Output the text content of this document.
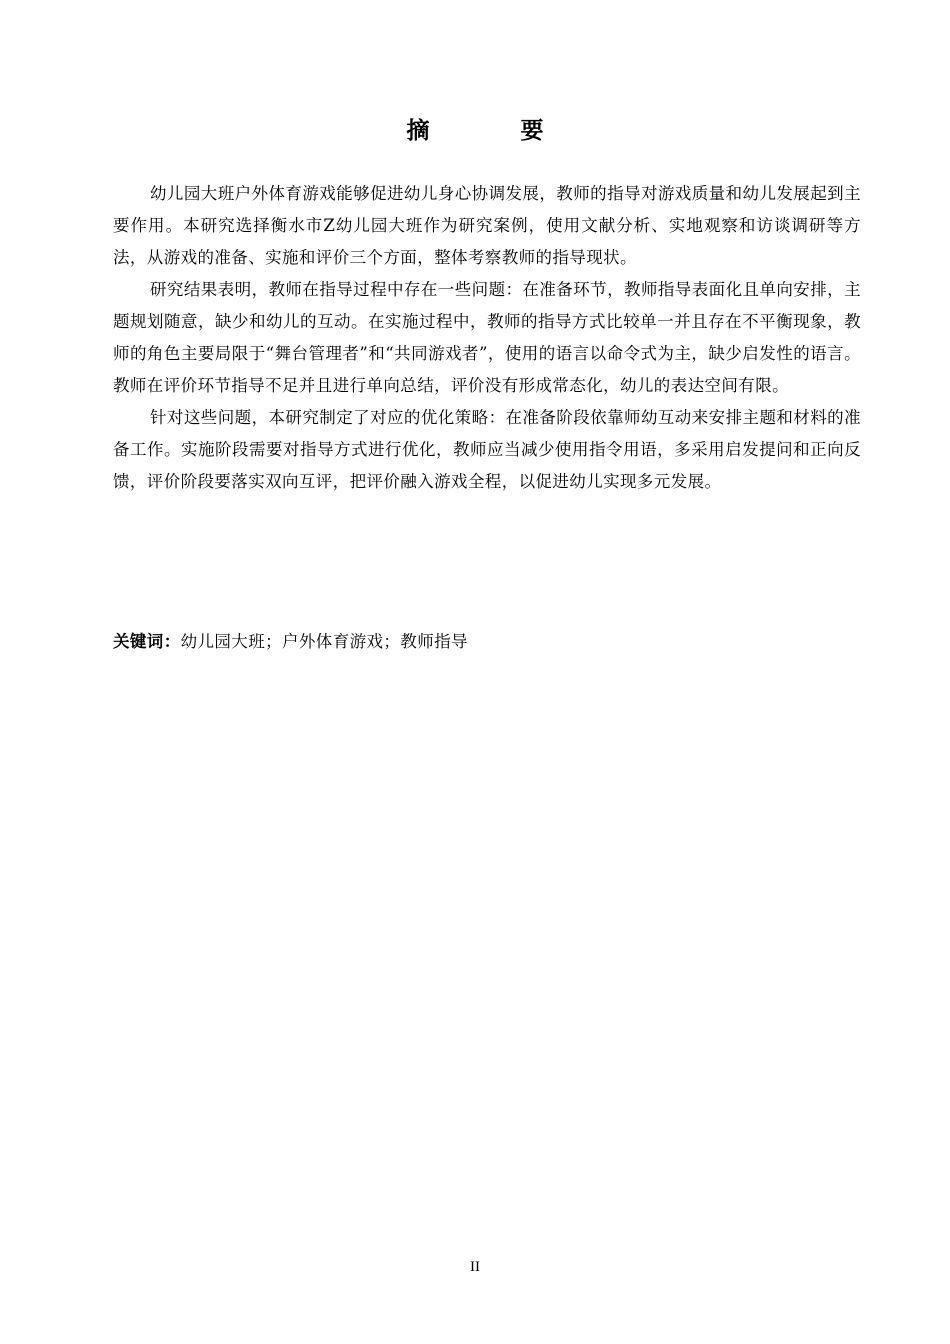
摘　要

幼儿园大班户外体育游戏能够促进幼儿身心协调发展，教师的指导对游戏质量和幼儿发展起到主要作用。本研究选择衡水市Z幼儿园大班作为研究案例，使用文献分析、实地观察和访谈调研等方法，从游戏的准备、实施和评价三个方面，整体考察教师的指导现状。

研究结果表明，教师在指导过程中存在一些问题：在准备环节，教师指导表面化且单向安排，主题规划随意，缺少和幼儿的互动。在实施过程中，教师的指导方式比较单一并且存在不平衡现象，教师的角色主要局限于“舞台管理者”和“共同游戏者”，使用的语言以命令式为主，缺少启发性的语言。教师在评价环节指导不足并且进行单向总结，评价没有形成常态化，幼儿的表达空间有限。

针对这些问题，本研究制定了对应的优化策略：在准备阶段依靠师幼互动来安排主题和材料的准备工作。实施阶段需要对指导方式进行优化，教师应当减少使用指令用语，多采用启发提问和正向反馈，评价阶段要落实双向互评，把评价融入游戏全程，以促进幼儿实现多元发展。

关键词：幼儿园大班；户外体育游戏；教师指导
II
